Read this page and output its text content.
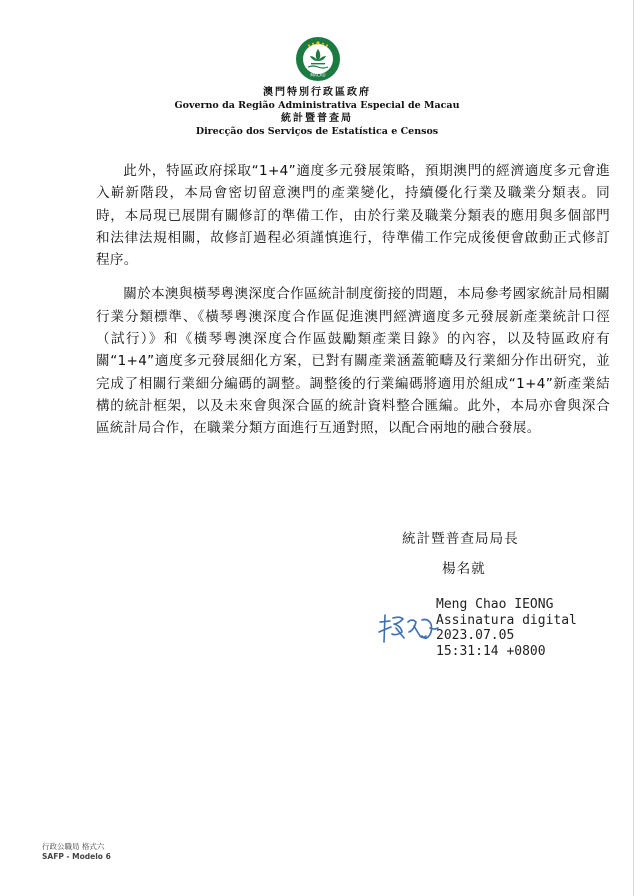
MACAU
澳門特別行政區政府
Governo da Região Administrativa Especial de Macau
統計暨普查局
Direcção dos Serviços de Estatística e Censos

此外，特區政府採取“1+4”適度多元發展策略，預期澳門的經濟適度多元會進入嶄新階段，本局會密切留意澳門的產業變化，持續優化行業及職業分類表。同時，本局現已展開有關修訂的準備工作，由於行業及職業分類表的應用與多個部門和法律法規相關，故修訂過程必須謹慎進行，待準備工作完成後便會啟動正式修訂程序。

關於本澳與橫琴粵澳深度合作區統計制度銜接的問題，本局參考國家統計局相關行業分類標準、《橫琴粵澳深度合作區促進澳門經濟適度多元發展新產業統計口徑（試行）》和《橫琴粵澳深度合作區鼓勵類產業目錄》的內容，以及特區政府有關“1+4”適度多元發展細化方案，已對有關產業涵蓋範疇及行業細分作出研究，並完成了相關行業細分編碼的調整。調整後的行業編碼將適用於組成“1+4”新產業結構的統計框架，以及未來會與深合區的統計資料整合匯編。此外，本局亦會與深合區統計局合作，在職業分類方面進行互通對照，以配合兩地的融合發展。

統計暨普查局局長
楊名就
Meng Chao IEONG
Assinatura digital
2023.07.05
15:31:14 +0800
行政公職局 格式六
SAFP - Modelo 6
